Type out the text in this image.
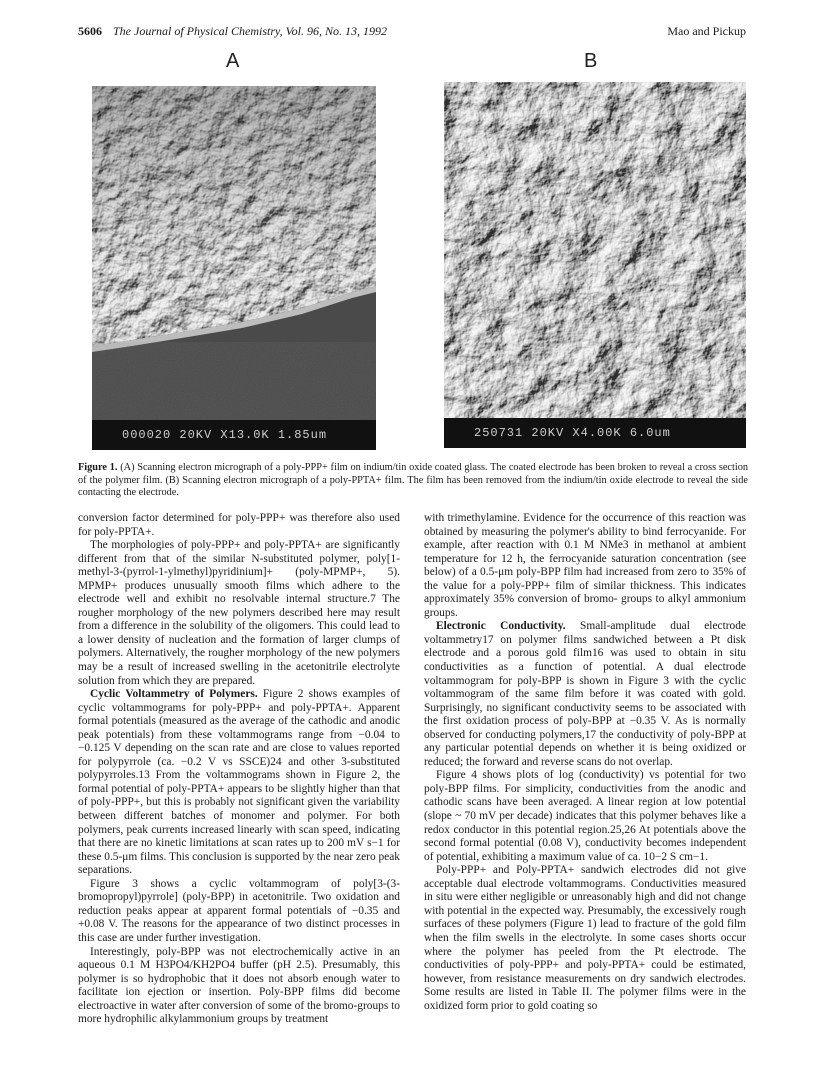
5606 The Journal of Physical Chemistry, Vol. 96, No. 13, 1992	Mao and Pickup
A	B
000020 20KV X13.0K 1.85um	250731 20KV X4.00K 6.0um
Figure 1. (A) Scanning electron micrograph of a poly-PPP+ film on indium/tin oxide coated glass. The coated electrode has been broken to reveal a cross section of the polymer film. (B) Scanning electron micrograph of a poly-PPTA+ film. The film has been removed from the indium/tin oxide electrode to reveal the side contacting the electrode.

conversion factor determined for poly-PPP+ was therefore also used for poly-PPTA+.

The morphologies of poly-PPP+ and poly-PPTA+ are significantly different from that of the similar N-substituted polymer, poly[1-methyl-3-(pyrrol-1-ylmethyl)pyridinium]+ (poly-MPMP+, 5). MPMP+ produces unusually smooth films which adhere to the electrode well and exhibit no resolvable internal structure.7 The rougher morphology of the new polymers described here may result from a difference in the solubility of the oligomers. This could lead to a lower density of nucleation and the formation of larger clumps of polymers. Alternatively, the rougher morphology of the new polymers may be a result of increased swelling in the acetonitrile electrolyte solution from which they are prepared.

Cyclic Voltammetry of Polymers. Figure 2 shows examples of cyclic voltammograms for poly-PPP+ and poly-PPTA+. Apparent formal potentials (measured as the average of the cathodic and anodic peak potentials) from these voltammograms range from −0.04 to −0.125 V depending on the scan rate and are close to values reported for polypyrrole (ca. −0.2 V vs SSCE)24 and other 3-substituted polypyrroles.13 From the voltammograms shown in Figure 2, the formal potential of poly-PPTA+ appears to be slightly higher than that of poly-PPP+, but this is probably not significant given the variability between different batches of monomer and polymer. For both polymers, peak currents increased linearly with scan speed, indicating that there are no kinetic limitations at scan rates up to 200 mV s−1 for these 0.5-μm films. This conclusion is supported by the near zero peak separations.

Figure 3 shows a cyclic voltammogram of poly[3-(3-bromopropyl)pyrrole] (poly-BPP) in acetonitrile. Two oxidation and reduction peaks appear at apparent formal potentials of −0.35 and +0.08 V. The reasons for the appearance of two distinct processes in this case are under further investigation.

Interestingly, poly-BPP was not electrochemically active in an aqueous 0.1 M H3PO4/KH2PO4 buffer (pH 2.5). Presumably, this polymer is so hydrophobic that it does not absorb enough water to facilitate ion ejection or insertion. Poly-BPP films did become electroactive in water after conversion of some of the bromo-groups to more hydrophilic alkylammonium groups by treatment

with trimethylamine. Evidence for the occurrence of this reaction was obtained by measuring the polymer's ability to bind ferrocyanide. For example, after reaction with 0.1 M NMe3 in methanol at ambient temperature for 12 h, the ferrocyanide saturation concentration (see below) of a 0.5-μm poly-BPP film had increased from zero to 35% of the value for a poly-PPP+ film of similar thickness. This indicates approximately 35% conversion of bromo- groups to alkyl ammonium groups.

Electronic Conductivity. Small-amplitude dual electrode voltammetry17 on polymer films sandwiched between a Pt disk electrode and a porous gold film16 was used to obtain in situ conductivities as a function of potential. A dual electrode voltammogram for poly-BPP is shown in Figure 3 with the cyclic voltammogram of the same film before it was coated with gold. Surprisingly, no significant conductivity seems to be associated with the first oxidation process of poly-BPP at −0.35 V. As is normally observed for conducting polymers,17 the conductivity of poly-BPP at any particular potential depends on whether it is being oxidized or reduced; the forward and reverse scans do not overlap.

Figure 4 shows plots of log (conductivity) vs potential for two poly-BPP films. For simplicity, conductivities from the anodic and cathodic scans have been averaged. A linear region at low potential (slope ~ 70 mV per decade) indicates that this polymer behaves like a redox conductor in this potential region.25,26 At potentials above the second formal potential (0.08 V), conductivity becomes independent of potential, exhibiting a maximum value of ca. 10−2 S cm−1.

Poly-PPP+ and Poly-PPTA+ sandwich electrodes did not give acceptable dual electrode voltammograms. Conductivities measured in situ were either negligible or unreasonably high and did not change with potential in the expected way. Presumably, the excessively rough surfaces of these polymers (Figure 1) lead to fracture of the gold film when the film swells in the electrolyte. In some cases shorts occur where the polymer has peeled from the Pt electrode. The conductivities of poly-PPP+ and poly-PPTA+ could be estimated, however, from resistance measurements on dry sandwich electrodes. Some results are listed in Table II. The polymer films were in the oxidized form prior to gold coating so
